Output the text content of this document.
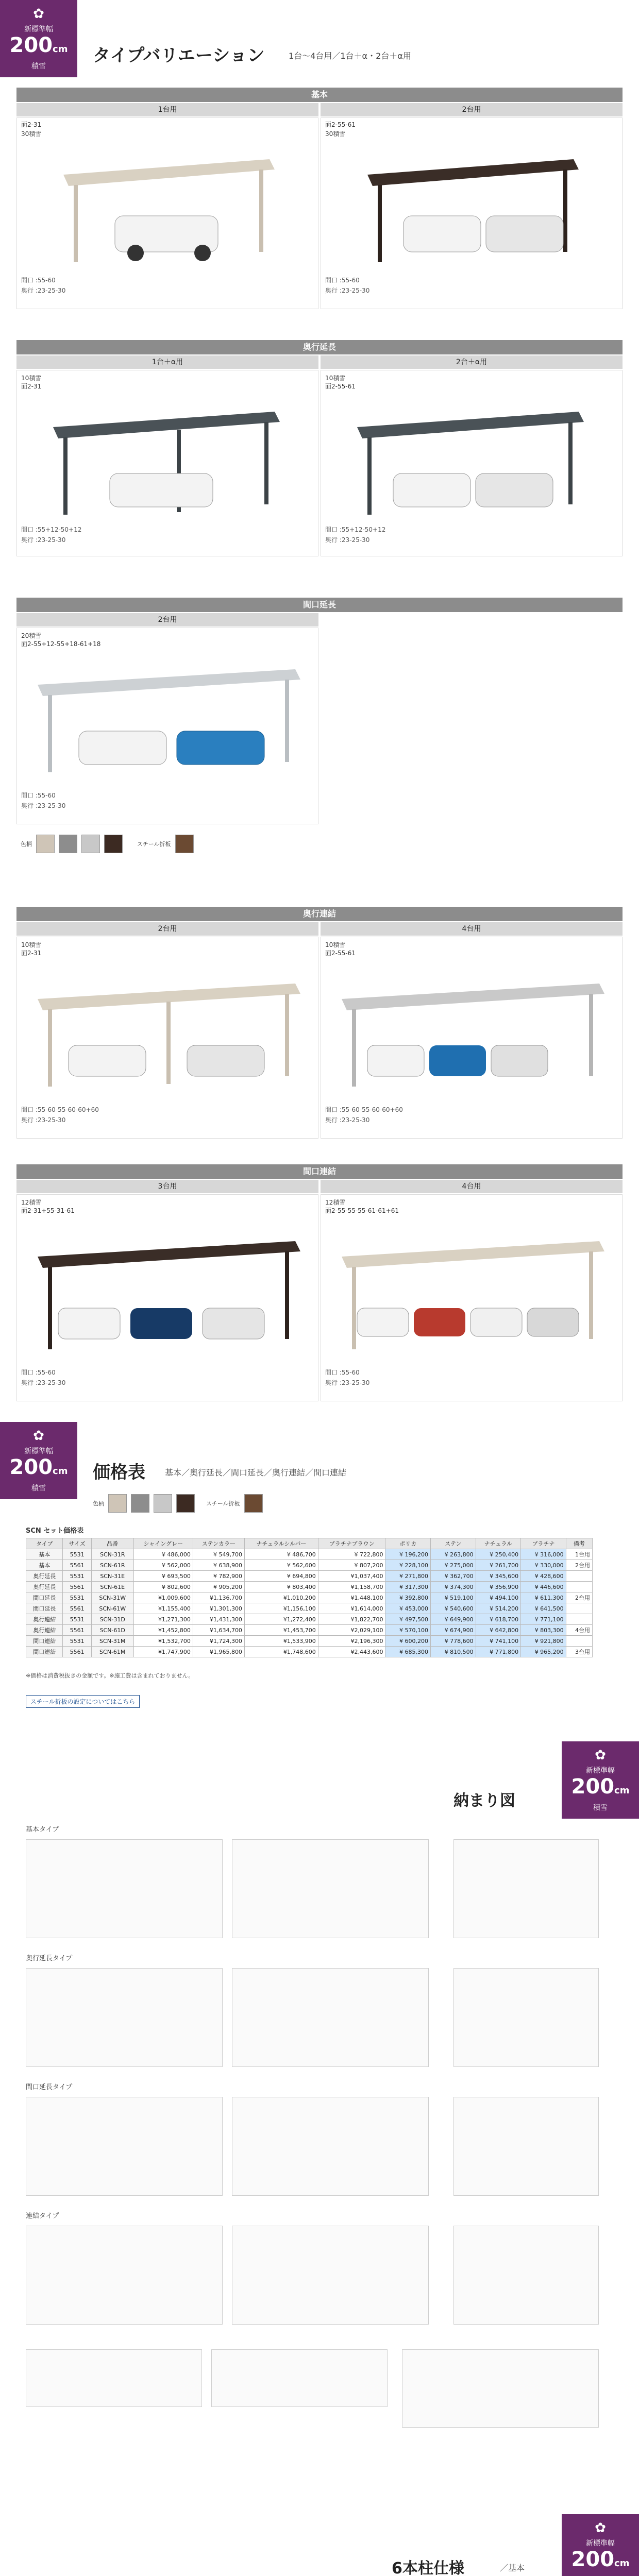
✿
新標準幅
200cm
積雪
タイプバリエーション	1台〜4台用／1台＋α・2台＋α用
基本
1台用	2台用
面2-31
30積雪
間口 :55-60
奥行 :23-25-30
面2-55-61
30積雪
間口 :55-60
奥行 :23-25-30
奥行延長
1台＋α用	2台＋α用
10積雪
面2-31
間口 :55+12-50+12
奥行 :23-25-30
10積雪
面2-55-61
間口 :55+12-50+12
奥行 :23-25-30
間口延長
2台用
20積雪
面2-55+12-55+18-61+18
間口 :55-60
奥行 :23-25-30
色柄	スチール折板
奥行連結
2台用	4台用
10積雪
面2-31
間口 :55-60-55-60-60+60
奥行 :23-25-30
10積雪
面2-55-61
間口 :55-60-55-60-60+60
奥行 :23-25-30
間口連結
3台用	4台用
12積雪
面2-31+55-31-61
間口 :55-60
奥行 :23-25-30
12積雪
面2-55-55-55-61-61+61
間口 :55-60
奥行 :23-25-30
✿
新標準幅
200cm
積雪
価格表 基本／奥行延長／間口延長／奥行連結／間口連結
色柄	スチール折板
SCN セット価格表
タイプ	サイズ	品番	シャイングレー	ステンカラー	ナチュラルシルバー	プラチナブラウン	ポリカ	ステン	ナチュラル	プラチナ	備考
基本	5531	SCN-31R	¥ 486,000	¥ 549,700	¥ 486,700	¥ 722,800	¥ 196,200	¥ 263,800	¥ 250,400	¥ 316,000	1台用
基本	5561	SCN-61R	¥ 562,000	¥ 638,900	¥ 562,600	¥ 807,200	¥ 228,100	¥ 275,000	¥ 261,700	¥ 330,000	2台用
奥行延長	5531	SCN-31E	¥ 693,500	¥ 782,900	¥ 694,800	¥1,037,400	¥ 271,800	¥ 362,700	¥ 345,600	¥ 428,600	
奥行延長	5561	SCN-61E	¥ 802,600	¥ 905,200	¥ 803,400	¥1,158,700	¥ 317,300	¥ 374,300	¥ 356,900	¥ 446,600	
間口延長	5531	SCN-31W	¥1,009,600	¥1,136,700	¥1,010,200	¥1,448,100	¥ 392,800	¥ 519,100	¥ 494,100	¥ 611,300	2台用
間口延長	5561	SCN-61W	¥1,155,400	¥1,301,300	¥1,156,100	¥1,614,000	¥ 453,000	¥ 540,600	¥ 514,200	¥ 641,500	
奥行連結	5531	SCN-31D	¥1,271,300	¥1,431,300	¥1,272,400	¥1,822,700	¥ 497,500	¥ 649,900	¥ 618,700	¥ 771,100	
奥行連結	5561	SCN-61D	¥1,452,800	¥1,634,700	¥1,453,700	¥2,029,100	¥ 570,100	¥ 674,900	¥ 642,800	¥ 803,300	4台用
間口連結	5531	SCN-31M	¥1,532,700	¥1,724,300	¥1,533,900	¥2,196,300	¥ 600,200	¥ 778,600	¥ 741,100	¥ 921,800	
間口連結	5561	SCN-61M	¥1,747,900	¥1,965,800	¥1,748,600	¥2,443,600	¥ 685,300	¥ 810,500	¥ 771,800	¥ 965,200	3台用
※価格は消費税抜きの金額です。※施工費は含まれておりません。
スチール折板の設定についてはこちら
✿
新標準幅
200cm
積雪
納まり図
基本タイプ
奥行延長タイプ
間口延長タイプ
連結タイプ
✿
新標準幅
200cm
6本柱仕様	／基本
